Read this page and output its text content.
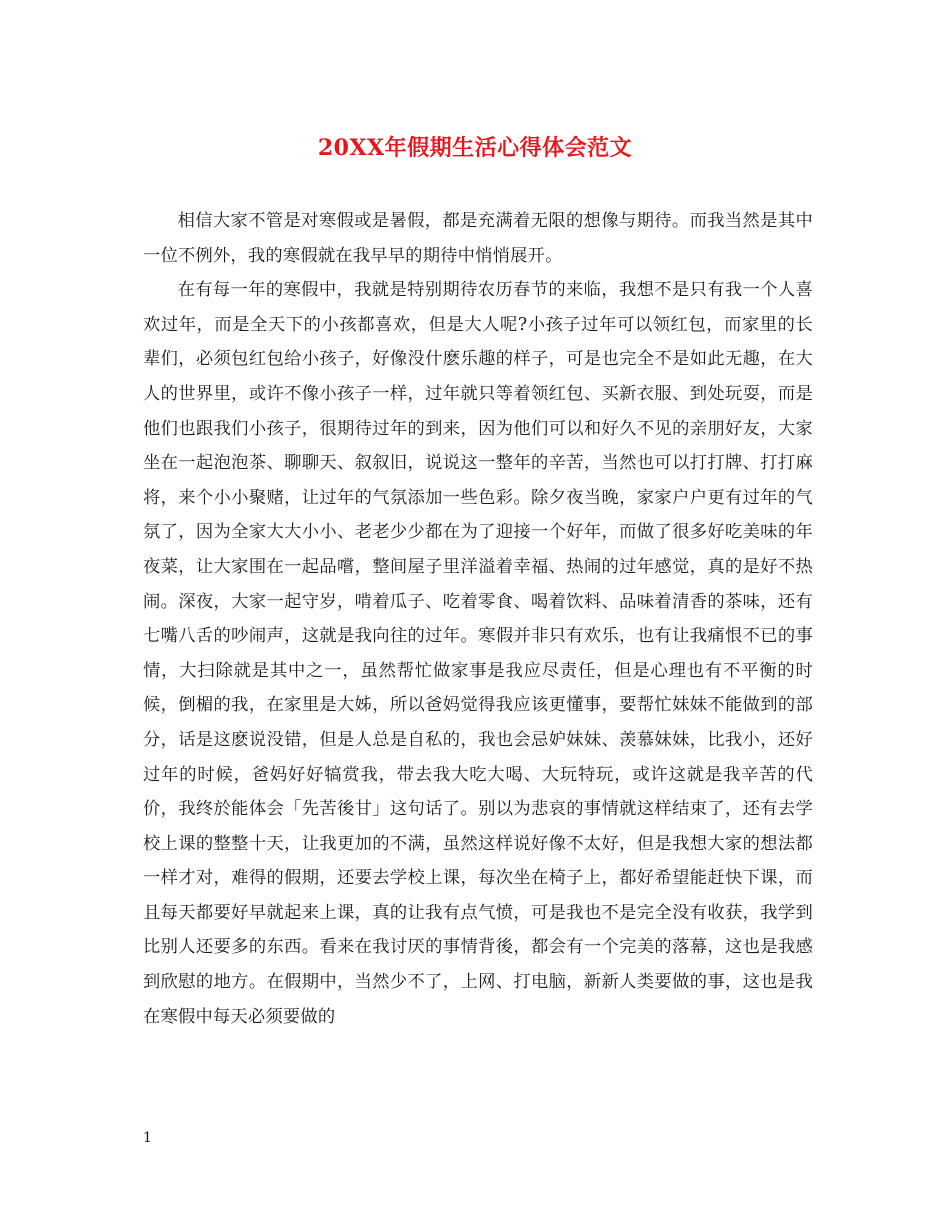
20XX年假期生活心得体会范文

相信大家不管是对寒假或是暑假，都是充满着无限的想像与期待。而我当然是其中一位不例外，我的寒假就在我早早的期待中悄悄展开。

在有每一年的寒假中，我就是特别期待农历春节的来临，我想不是只有我一个人喜欢过年，而是全天下的小孩都喜欢，但是大人呢?小孩子过年可以领红包，而家里的长辈们，必须包红包给小孩子，好像没什麽乐趣的样子，可是也完全不是如此无趣，在大人的世界里，或许不像小孩子一样，过年就只等着领红包、买新衣服、到处玩耍，而是他们也跟我们小孩子，很期待过年的到来，因为他们可以和好久不见的亲朋好友，大家坐在一起泡泡茶、聊聊天、叙叙旧，说说这一整年的辛苦，当然也可以打打牌、打打麻将，来个小小聚赌，让过年的气氛添加一些色彩。除夕夜当晚，家家户户更有过年的气氛了，因为全家大大小小、老老少少都在为了迎接一个好年，而做了很多好吃美味的年夜菜，让大家围在一起品嚐，整间屋子里洋溢着幸福、热闹的过年感觉，真的是好不热闹。深夜，大家一起守岁，啃着瓜子、吃着零食、喝着饮料、品味着清香的茶味，还有七嘴八舌的吵闹声，这就是我向往的过年。寒假并非只有欢乐，也有让我痛恨不已的事情，大扫除就是其中之一，虽然帮忙做家事是我应尽责任，但是心理也有不平衡的时候，倒楣的我，在家里是大姊，所以爸妈觉得我应该更懂事，要帮忙妹妹不能做到的部分，话是这麽说没错，但是人总是自私的，我也会忌妒妹妹、羡慕妹妹，比我小，还好过年的时候，爸妈好好犒赏我，带去我大吃大喝、大玩特玩，或许这就是我辛苦的代价，我终於能体会「先苦後甘」这句话了。别以为悲哀的事情就这样结束了，还有去学校上课的整整十天，让我更加的不满，虽然这样说好像不太好，但是我想大家的想法都一样才对，难得的假期，还要去学校上课，每次坐在椅子上，都好希望能赶快下课，而且每天都要好早就起来上课，真的让我有点气愤，可是我也不是完全没有收获，我学到比别人还要多的东西。看来在我讨厌的事情背後，都会有一个完美的落幕，这也是我感到欣慰的地方。在假期中，当然少不了，上网、打电脑，新新人类要做的事，这也是我在寒假中每天必须要做的

1
